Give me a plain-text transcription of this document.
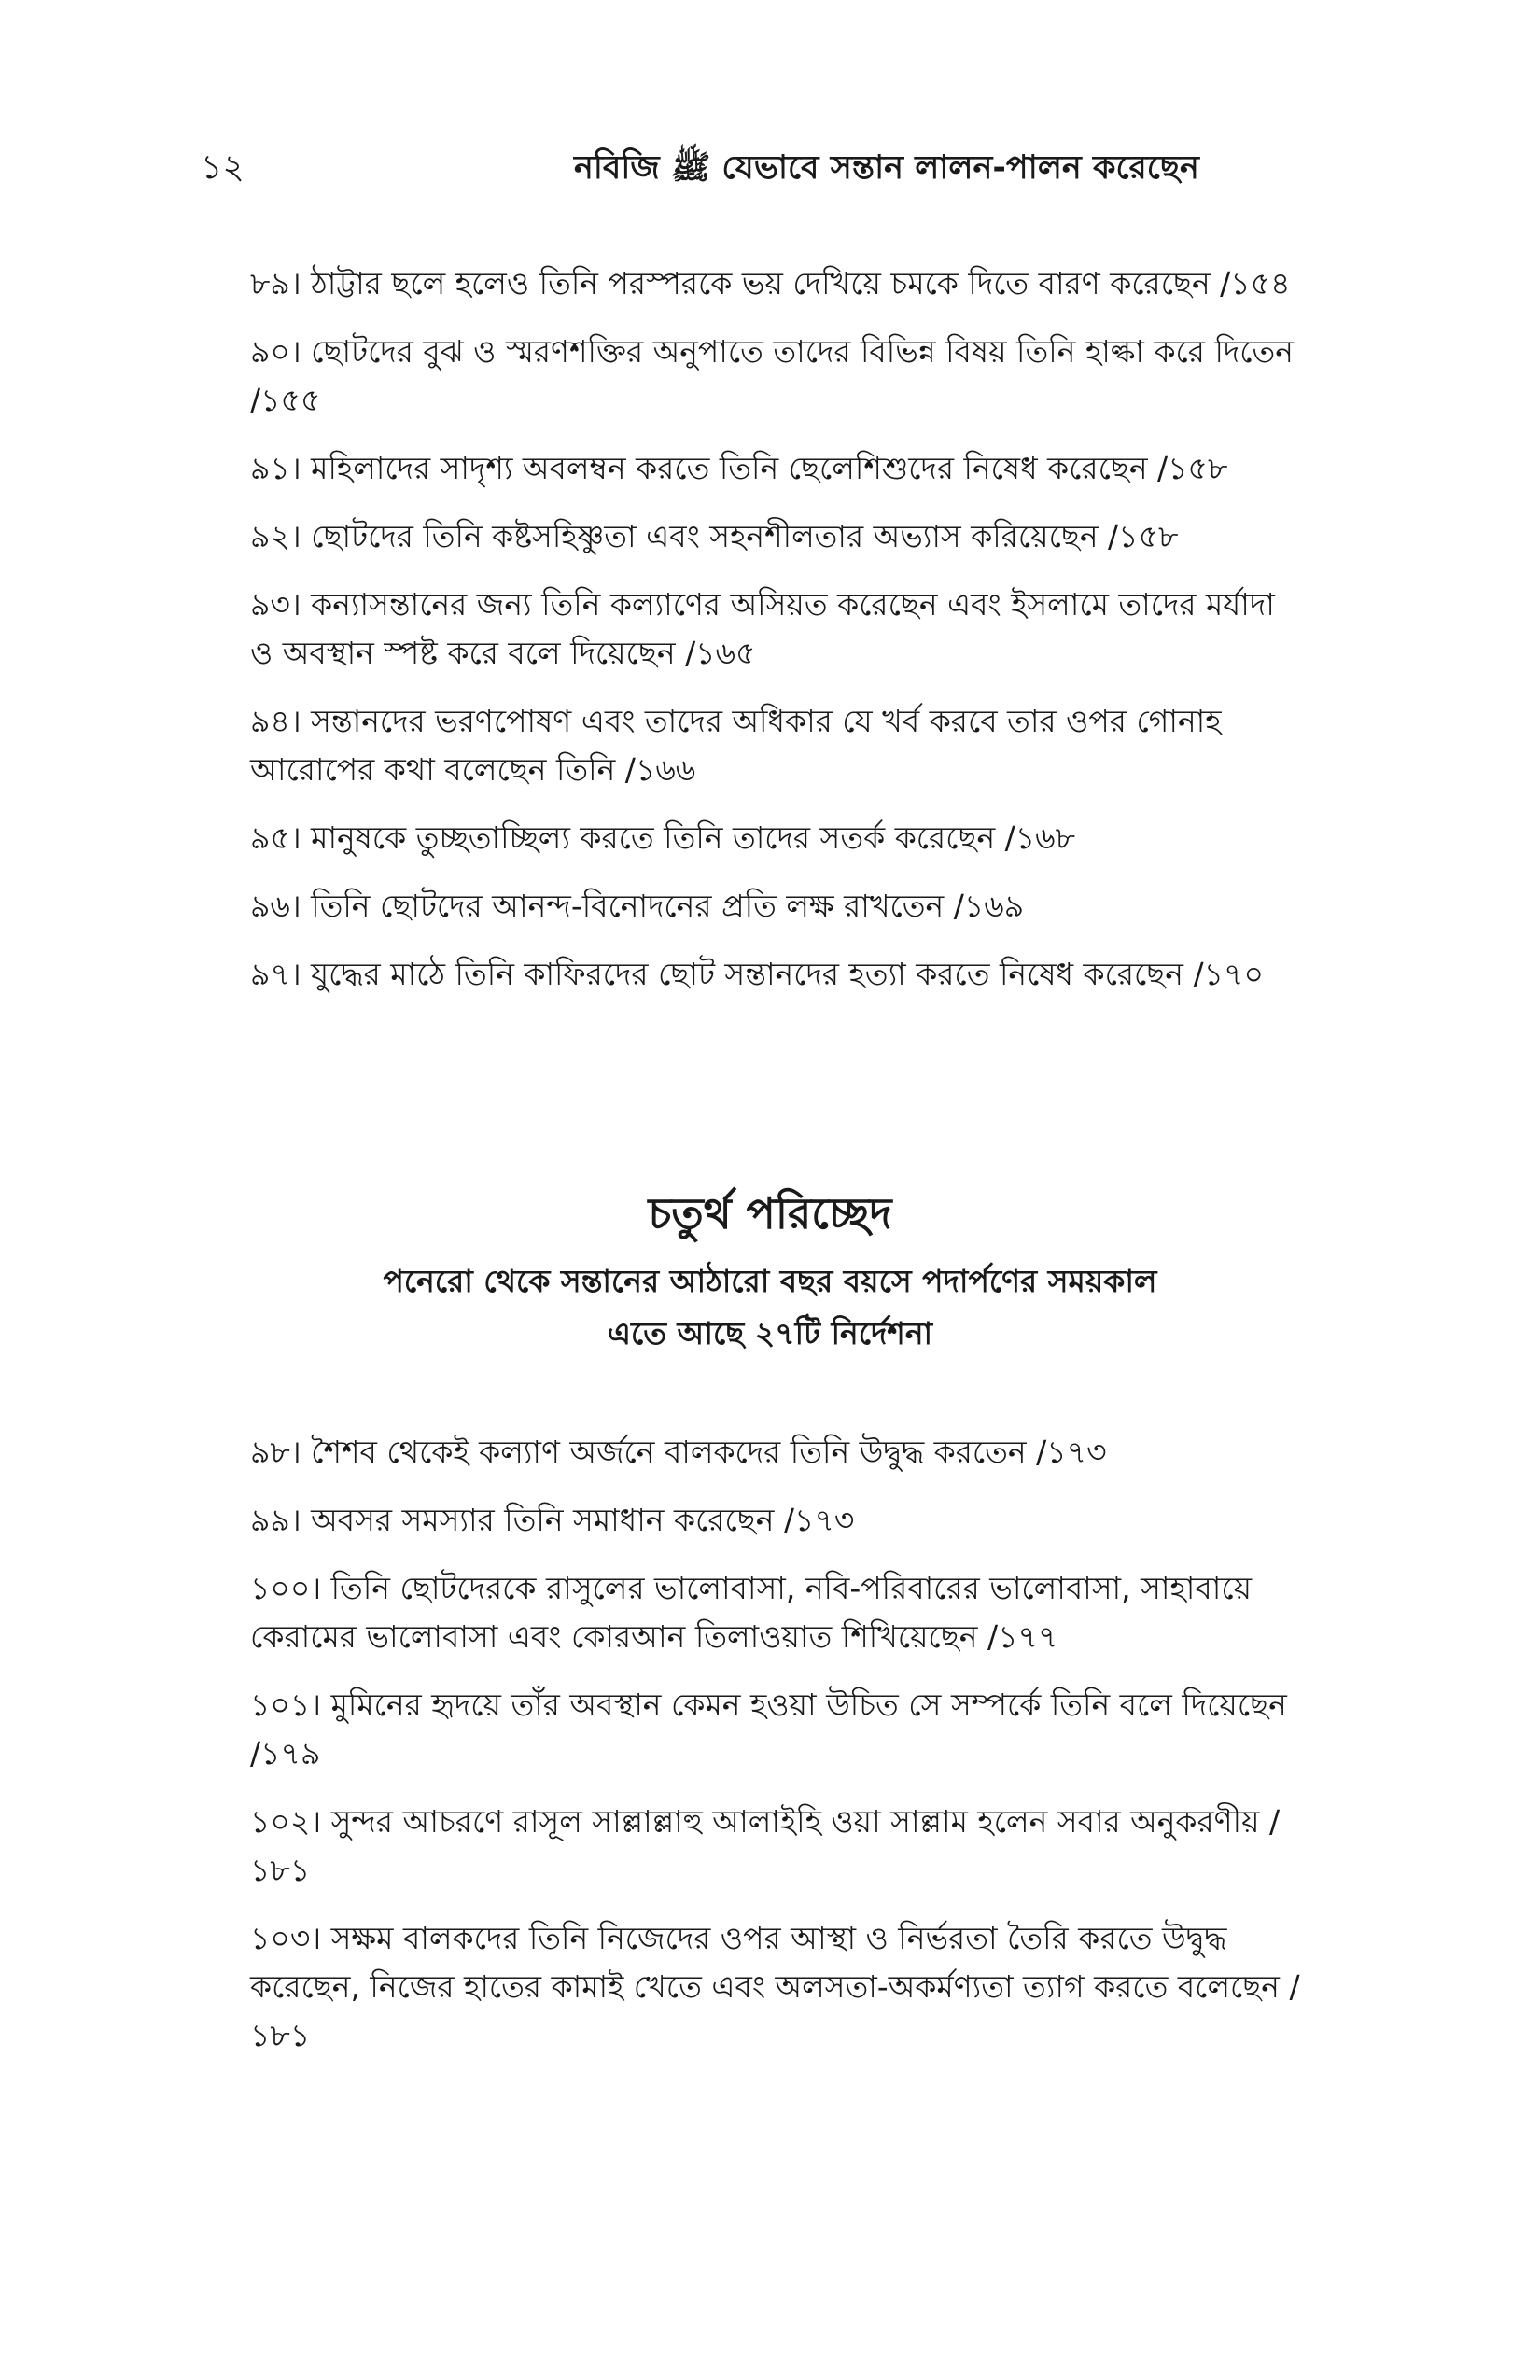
১২	নবিজি ﷺ যেভাবে সন্তান লালন-পালন করেছেন
৮৯। ঠাট্টার ছলে হলেও তিনি পরস্পরকে ভয় দেখিয়ে চমকে দিতে বারণ করেছেন /১৫৪
৯০। ছোটদের বুঝ ও স্মরণশক্তির অনুপাতে তাদের বিভিন্ন বিষয় তিনি হাল্কা করে দিতেন /১৫৫
৯১। মহিলাদের সাদৃশ্য অবলম্বন করতে তিনি ছেলেশিশুদের নিষেধ করেছেন /১৫৮
৯২। ছোটদের তিনি কষ্টসহিষ্ণুতা এবং সহনশীলতার অভ্যাস করিয়েছেন /১৫৮
৯৩। কন্যাসন্তানের জন্য তিনি কল্যাণের অসিয়ত করেছেন এবং ইসলামে তাদের মর্যাদা ও অবস্থান স্পষ্ট করে বলে দিয়েছেন /১৬৫
৯৪। সন্তানদের ভরণপোষণ এবং তাদের অধিকার যে খর্ব করবে তার ওপর গোনাহ আরোপের কথা বলেছেন তিনি /১৬৬
৯৫। মানুষকে তুচ্ছতাচ্ছিল্য করতে তিনি তাদের সতর্ক করেছেন /১৬৮
৯৬। তিনি ছোটদের আনন্দ-বিনোদনের প্রতি লক্ষ রাখতেন /১৬৯
৯৭। যুদ্ধের মাঠে তিনি কাফিরদের ছোট সন্তানদের হত্যা করতে নিষেধ করেছেন /১৭০
চতুর্থ পরিচ্ছেদ
পনেরো থেকে সন্তানের আঠারো বছর বয়সে পদার্পণের সময়কাল
এতে আছে ২৭টি নির্দেশনা
৯৮। শৈশব থেকেই কল্যাণ অর্জনে বালকদের তিনি উদ্বুদ্ধ করতেন /১৭৩
৯৯। অবসর সমস্যার তিনি সমাধান করেছেন /১৭৩
১০০। তিনি ছোটদেরকে রাসুলের ভালোবাসা, নবি-পরিবারের ভালোবাসা, সাহাবায়ে কেরামের ভালোবাসা এবং কোরআন তিলাওয়াত শিখিয়েছেন /১৭৭
১০১। মুমিনের হৃদয়ে তাঁর অবস্থান কেমন হওয়া উচিত সে সম্পর্কে তিনি বলে দিয়েছেন /১৭৯
১০২। সুন্দর আচরণে রাসূল সাল্লাল্লাহু আলাইহি ওয়া সাল্লাম হলেন সবার অনুকরণীয় /১৮১
১০৩। সক্ষম বালকদের তিনি নিজেদের ওপর আস্থা ও নির্ভরতা তৈরি করতে উদ্বুদ্ধ করেছেন, নিজের হাতের কামাই খেতে এবং অলসতা-অকর্মণ্যতা ত্যাগ করতে বলেছেন /১৮১
